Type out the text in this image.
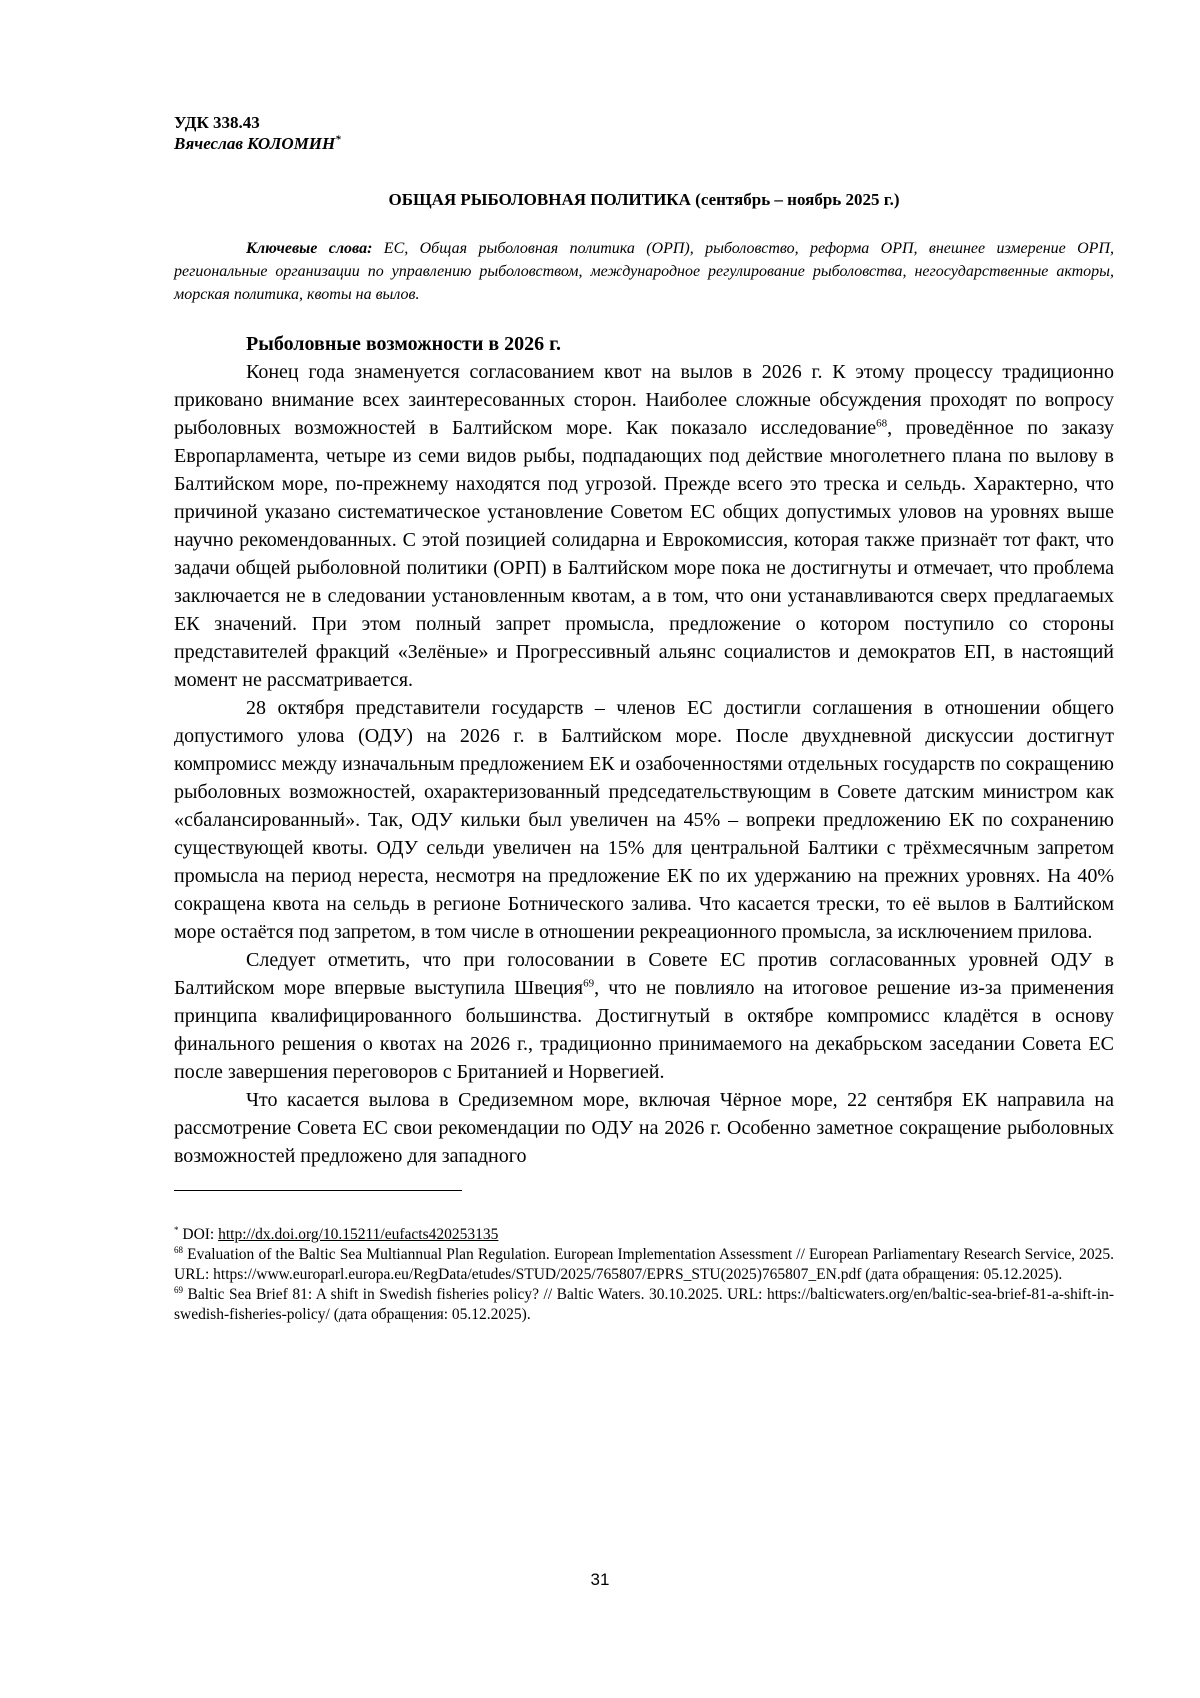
УДК 338.43

Вячеслав КОЛОМИН*

ОБЩАЯ РЫБОЛОВНАЯ ПОЛИТИКА (сентябрь – ноябрь 2025 г.)

Ключевые слова: ЕС, Общая рыболовная политика (ОРП), рыболовство, реформа ОРП, внешнее измерение ОРП, региональные организации по управлению рыболовством, международное регулирование рыболовства, негосударственные акторы, морская политика, квоты на вылов.

Рыболовные возможности в 2026 г.

Конец года знаменуется согласованием квот на вылов в 2026 г. К этому процессу традиционно приковано внимание всех заинтересованных сторон. Наиболее сложные обсуждения проходят по вопросу рыболовных возможностей в Балтийском море. Как показало исследование$^{68}$, проведённое по заказу Европарламента, четыре из семи видов рыбы, подпадающих под действие многолетнего плана по вылову в Балтийском море, по-прежнему находятся под угрозой. Прежде всего это треска и сельдь. Характерно, что причиной указано систематическое установление Советом ЕС общих допустимых уловов на уровнях выше научно рекомендованных. С этой позицией солидарна и Еврокомиссия, которая также признаёт тот факт, что задачи общей рыболовной политики (ОРП) в Балтийском море пока не достигнуты и отмечает, что проблема заключается не в следовании установленным квотам, а в том, что они устанавливаются сверх предлагаемых ЕК значений. При этом полный запрет промысла, предложение о котором поступило со стороны представителей фракций «Зелёные» и Прогрессивный альянс социалистов и демократов ЕП, в настоящий момент не рассматривается.

28 октября представители государств – членов ЕС достигли соглашения в отношении общего допустимого улова (ОДУ) на 2026 г. в Балтийском море. После двухдневной дискуссии достигнут компромисс между изначальным предложением ЕК и озабоченностями отдельных государств по сокращению рыболовных возможностей, охарактеризованный председательствующим в Совете датским министром как «сбалансированный». Так, ОДУ кильки был увеличен на 45% – вопреки предложению ЕК по сохранению существующей квоты. ОДУ сельди увеличен на 15% для центральной Балтики с трёхмесячным запретом промысла на период нереста, несмотря на предложение ЕК по их удержанию на прежних уровнях. На 40% сокращена квота на сельдь в регионе Ботнического залива. Что касается трески, то её вылов в Балтийском море остаётся под запретом, в том числе в отношении рекреационного промысла, за исключением прилова.

Следует отметить, что при голосовании в Совете ЕС против согласованных уровней ОДУ в Балтийском море впервые выступила Швеция$^{69}$, что не повлияло на итоговое решение из-за применения принципа квалифицированного большинства. Достигнутый в октябре компромисс кладётся в основу финального решения о квотах на 2026 г., традиционно принимаемого на декабрьском заседании Совета ЕС после завершения переговоров с Британией и Норвегией.

Что касается вылова в Средиземном море, включая Чёрное море, 22 сентября ЕК направила на рассмотрение Совета ЕС свои рекомендации по ОДУ на 2026 г. Особенно заметное сокращение рыболовных возможностей предложено для западного

* DOI: http://dx.doi.org/10.15211/eufacts420253135

$^{68}$ Evaluation of the Baltic Sea Multiannual Plan Regulation. European Implementation Assessment // European Parliamentary Research Service, 2025. URL: https://www.europarl.europa.eu/RegData/etudes/STUD/2025/765807/EPRS_STU(2025)765807_EN.pdf (дата обращения: 05.12.2025).

$^{69}$ Baltic Sea Brief 81: A shift in Swedish fisheries policy? // Baltic Waters. 30.10.2025. URL: https://balticwaters.org/en/baltic-sea-brief-81-a-shift-in-swedish-fisheries-policy/ (дата обращения: 05.12.2025).

31
